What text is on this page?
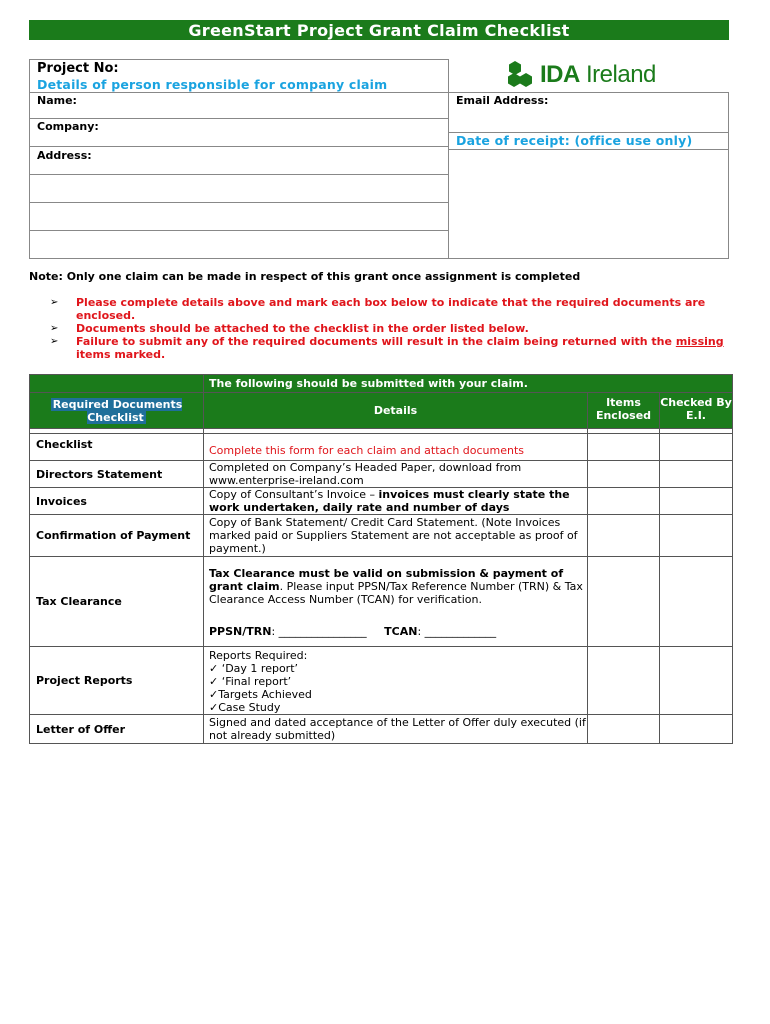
GreenStart Project Grant Claim Checklist
Project No:
Details of person responsible for company claim	IDA Ireland
Name:	Email Address:
Company:
Date of receipt: (office use only)
Address:
Note: Only one claim can be made in respect of this grant once assignment is completed
➢ Please complete details above and mark each box below to indicate that the required documents are enclosed.
➢ Documents should be attached to the checklist in the order listed below.
➢ Failure to submit any of the required documents will result in the claim being returned with the missing items marked.
	The following should be submitted with your claim.		
Required Documents Checklist	Details	Items Enclosed	Checked By E.I.

Checklist	Complete this form for each claim and attach documents		
Directors Statement	Completed on Company’s Headed Paper, download from www.enterprise-ireland.com		
Invoices	Copy of Consultant’s Invoice – invoices must clearly state the work undertaken, daily rate and number of days		
Confirmation of Payment	Copy of Bank Statement/ Credit Card Statement. (Note Invoices marked paid or Suppliers Statement are not acceptable as proof of payment.)		
Tax Clearance	Tax Clearance must be valid on submission & payment of grant claim. Please input PPSN/Tax Reference Number (TRN) & Tax Clearance Access Number (TCAN) for verification.
PPSN/TRN: ________________ TCAN: _____________		

Project Reports	Reports Required:
✓ ‘Day 1 report’
✓ ‘Final report’
✓Targets Achieved
✓Case Study		

Letter of Offer	Signed and dated acceptance of the Letter of Offer duly executed (if not already submitted)		
